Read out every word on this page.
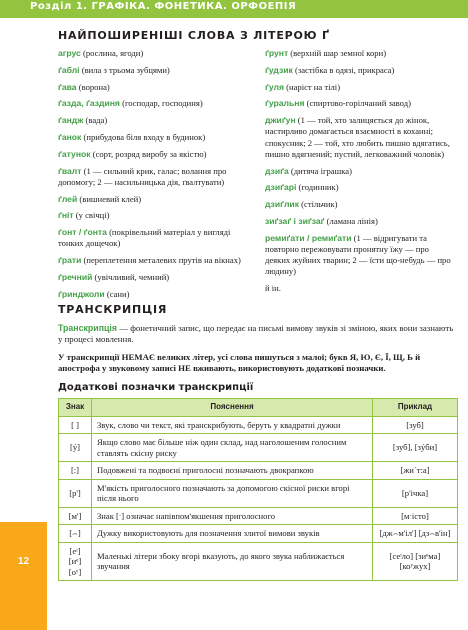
Розділ 1. ГРАФІКА. ФОНЕТИКА. ОРФОЕПІЯ
НАЙПОШИРЕНІШІ СЛОВА З ЛІТЕРОЮ Ґ
агрус (рослина, ягоди)
ґаблі (вила з трьома зубцями)
ґава (ворона)
ґазда, ґаздиня (господар, господиня)
ґандж (вада)
ґанок (прибудова біля входу в будинок)
ґатунок (сорт, розряд виробу за якістю)
ґвалт (1 — сильний крик, галас; волання про допомогу; 2 — насильницька дія, ґвалтувати)
ґлей (вишневий клей)
ґніт (у свічці)
ґонт / ґонта (покрівельний матеріал у вигляді тонких дощечок)
ґрати (переплетення металевих прутів на вікнах)
ґречний (увічливий, чемний)
ґринджоли (сани)
ґрунт (верхній шар земної кори)
ґудзик (застібка в одязі, прикраса)
ґуля (наріст на тілі)
ґуральня (спиртово-горілчаний завод)
джиґун (1 — той, хто залицяється до жінок, настирливо домагається взаємності в коханні; спокусник; 2 — той, хто любить пишно вдягатись, пишно вдягнений; пустий, легковажний чоловік)
дзиґа (дитяча іграшка)
дзиґарі (годинник)
дзиґлик (стільчик)
зиґзаґ і зиґзаґ (ламана лінія)
ремиґати / ремиґати (1 — відригувати та повторно пережовувати пронятну їжу — про деяких жуйних тварин; 2 — їсти що-небудь — про людину)
й ін.
ТРАНСКРИПЦІЯ
Транскрипція — фонетичний запис, що передає на письмі вимову звуків зі зміною, яких вони зазнають у процесі мовлення.
У транскрипції НЕМАЄ великих літер, усі слова пишуться з малої; букв Я, Ю, Є, Ї, Щ, Ь й апострофа у звуковому записі НЕ вживають, використовують додаткові позначки.
Додаткові позначки транскрипції
Знак	Пояснення	Приклад
[ ]	Звук, слово чи текст, які транскрибують, беруть у квадратні дужки	[зуб]
[ý]	Якщо слово має більше ніж один склад, над наголошеним голосним ставлять скісну риску	[зуб], [зýби]
[:]	Подовжені та подвоєні приголосні позначають двокрапкою	[жиˊт:а]
[р']	М'якість приголосного позначають за допомогою скісної риски вгорі після нього	[р'ічка]
[м']	Знак [ˑ] означає напівпом'якшення приголосного	[мˑісто]
[⌢]	Дужку використовують для позначення злитої вимови звуків	[дж⌢м'іл'] [дз⌢в'ін]
[еᶦ] [иᵉ] [оʸ]	Маленькі літери збоку вгорі вказують, до якого звука наближається звучання	[сеᶦло] [зиᵉма] [коʸжух]
12
